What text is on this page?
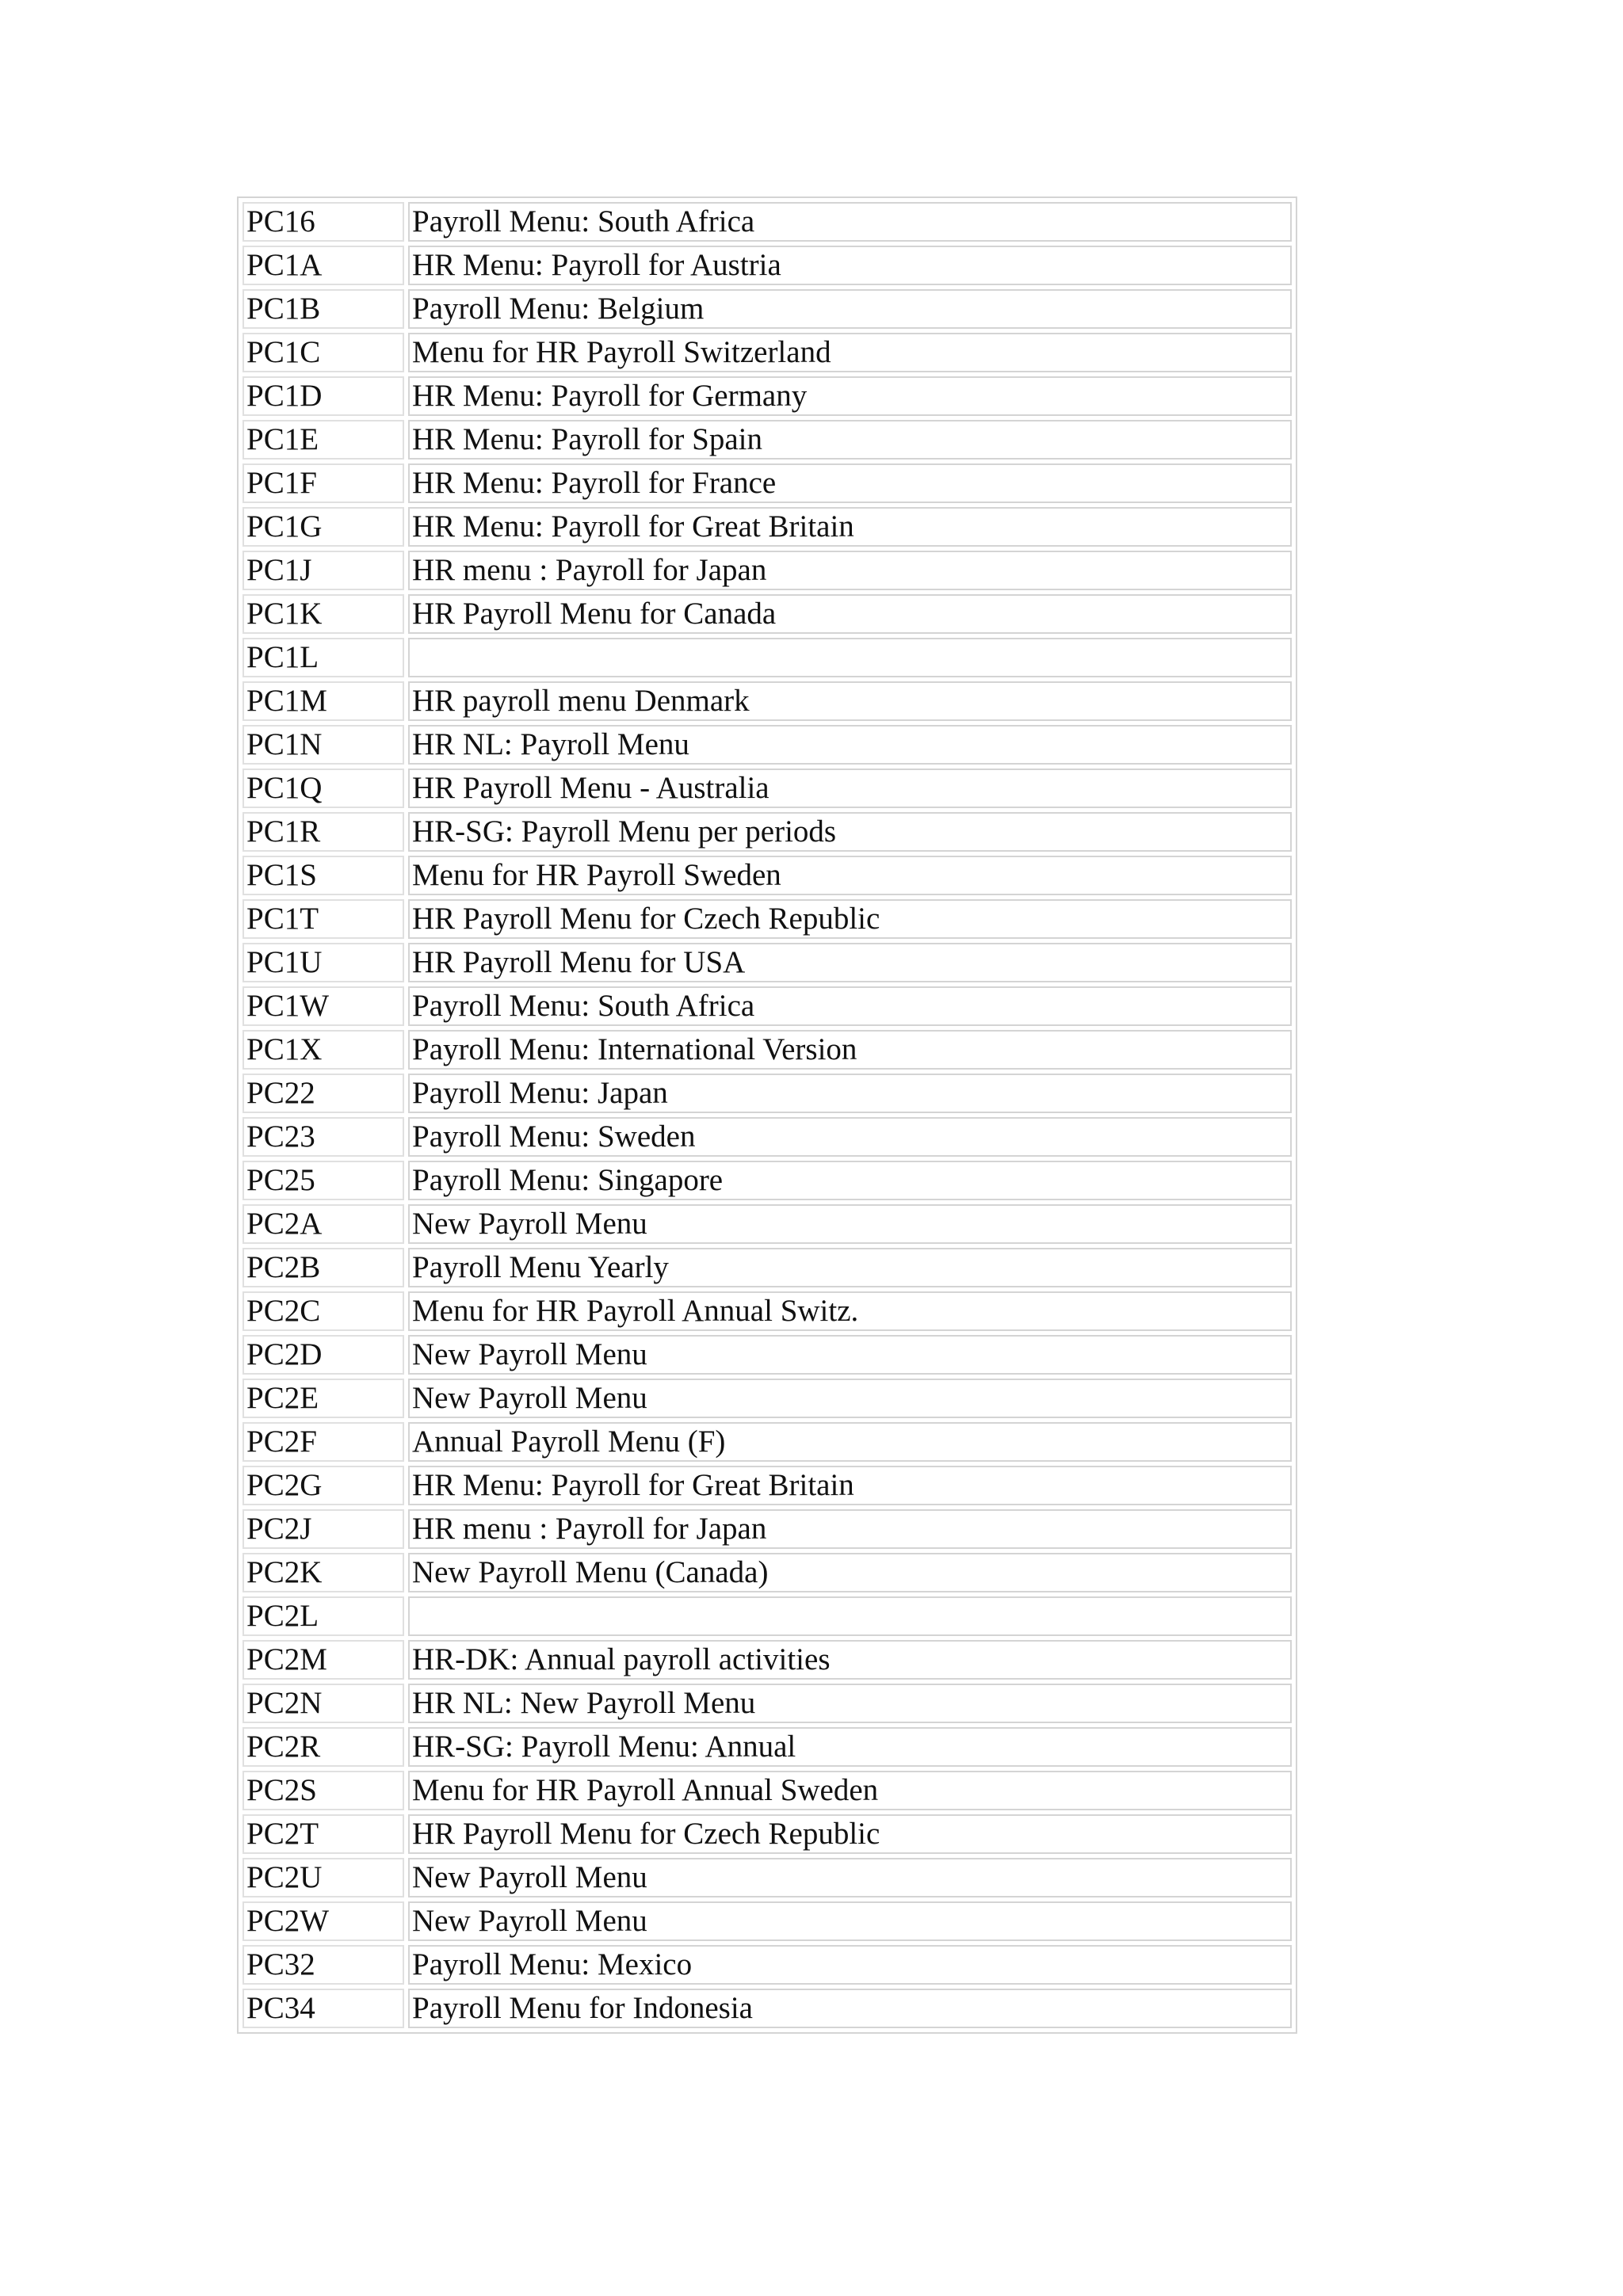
PC16	Payroll Menu: South Africa
PC1A	HR Menu: Payroll for Austria
PC1B	Payroll Menu: Belgium
PC1C	Menu for HR Payroll Switzerland
PC1D	HR Menu: Payroll for Germany
PC1E	HR Menu: Payroll for Spain
PC1F	HR Menu: Payroll for France
PC1G	HR Menu: Payroll for Great Britain
PC1J	HR menu : Payroll for Japan
PC1K	HR Payroll Menu for Canada
PC1L	
PC1M	HR payroll menu Denmark
PC1N	HR NL: Payroll Menu
PC1Q	HR Payroll Menu - Australia
PC1R	HR-SG: Payroll Menu per periods
PC1S	Menu for HR Payroll Sweden
PC1T	HR Payroll Menu for Czech Republic
PC1U	HR Payroll Menu for USA
PC1W	Payroll Menu: South Africa
PC1X	Payroll Menu: International Version
PC22	Payroll Menu: Japan
PC23	Payroll Menu: Sweden
PC25	Payroll Menu: Singapore
PC2A	New Payroll Menu
PC2B	Payroll Menu Yearly
PC2C	Menu for HR Payroll Annual Switz.
PC2D	New Payroll Menu
PC2E	New Payroll Menu
PC2F	Annual Payroll Menu (F)
PC2G	HR Menu: Payroll for Great Britain
PC2J	HR menu : Payroll for Japan
PC2K	New Payroll Menu (Canada)
PC2L	
PC2M	HR-DK: Annual payroll activities
PC2N	HR NL: New Payroll Menu
PC2R	HR-SG: Payroll Menu: Annual
PC2S	Menu for HR Payroll Annual Sweden
PC2T	HR Payroll Menu for Czech Republic
PC2U	New Payroll Menu
PC2W	New Payroll Menu
PC32	Payroll Menu: Mexico
PC34	Payroll Menu for Indonesia
